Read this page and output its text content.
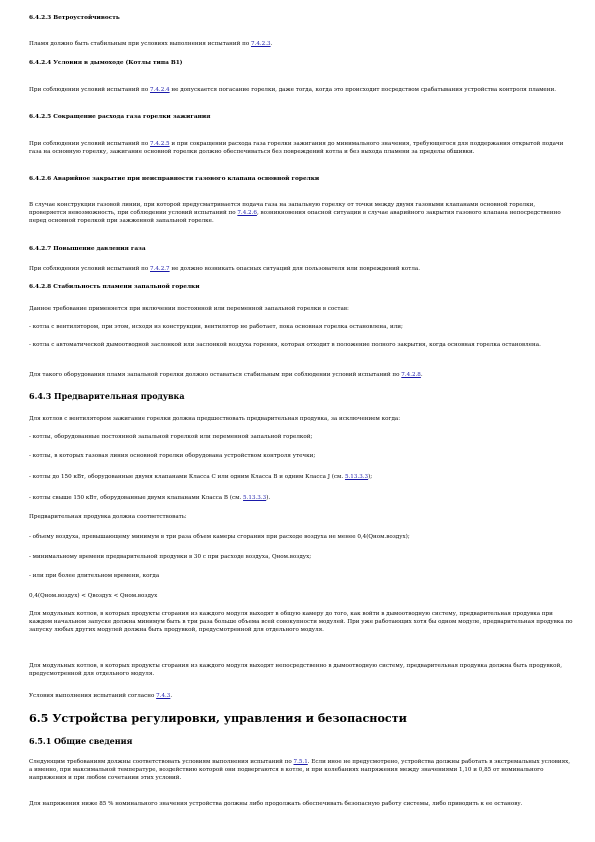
6.4.2.3 Ветроустойчивость

Пламя должно быть стабильным при условиях выполнения испытаний по 7.4.2.3.

6.4.2.4 Условия в дымоходе (Котлы типа B1)

При соблюдении условий испытаний по 7.4.2.4 не допускается погасание горелки, даже тогда, когда это происходит посредством срабатывания устройства контроля пламени.

6.4.2.5 Сокращение расхода газа горелки зажигания

При соблюдении условий испытаний по 7.4.2.5 и при сокращении расхода газа горелки зажигания до минимального значения, требующегося для поддержания открытой подачи газа на основную горелку, зажигание основной горелки должно обеспечиваться без повреждений котла и без выхода пламени за пределы обшивки.

6.4.2.6 Аварийное закрытие при неисправности газового клапана основной горелки

В случае конструкции газовой линии, при которой предусматривается подача газа на запальную горелку от точки между двумя газовыми клапанами основной горелки, проверяется невозможность, при соблюдении условий испытаний по 7.4.2.6, возникновения опасной ситуации в случае аварийного закрытия газового клапана непосредственно перед основной горелкой при зажженной запальной горелке.

6.4.2.7 Повышение давления газа

При соблюдении условий испытаний по 7.4.2.7 не должно возникать опасных ситуаций для пользователя или повреждений котла.

6.4.2.8 Стабильность пламени запальной горелки

Данное требование применяется при включении постоянной или переменной запальной горелки в состав:

- котла с вентилятором, при этом, исходя из конструкции, вентилятор не работает, пока основная горелка остановлена, или;

- котла с автоматической дымоотводной заслонкой или заслонкой воздуха горения, которая отходит в положение полного закрытия, когда основная горелка остановлена.

Для такого оборудования пламя запальной горелки должно оставаться стабильным при соблюдении условий испытаний по 7.4.2.8.

6.4.3 Предварительная продувка

Для котлов с вентилятором зажигание горелки должна предшествовать предварительная продувка, за исключением когда:

- котлы, оборудованные постоянной запальной горелкой или переменной запальной горелкой;

- котлы, в которых газовая линия основной горелки оборудована устройством контроля утечки;

- котлы до 150 кВт, оборудованные двумя клапанами Класса C или одним Класса B и одним Класса J (см. 5.13.3.3);

- котлы свыше 150 кВт, оборудованные двумя клапанами Класса B (см. 5.13.3.3).

Предварительная продувка должна соответствовать:

- объему воздуха, превышающему минимум в три раза объем камеры сгорания при расходе воздуха не менее 0,4(Qном.воздух);

- минимальному времени предварительной продувки в 30 с при расходе воздуха, Qном.воздух;

- или при более длительном времени, когда

0,4(Qном.воздух) < Qвоздух < Qном.воздух

Для модульных котлов, в которых продукты сгорания из каждого модуля выходят в общую камеру до того, как войти в дымоотводную систему, предварительная продувка при каждом начальном запуске должна минимум быть в три раза больше объема всей совокупности модулей. При уже работающих хотя бы одном модуле, предварительная продувка по запуску любых других модулей должна быть продувкой, предусмотренной для отдельного модуля.

Для модульных котлов, в которых продукты сгорания из каждого модуля выходят непосредственно в дымоотводную систему, предварительная продувка должна быть продувкой, предусмотренной для отдельного модуля.

Условия выполнения испытаний согласно 7.4.3.

6.5 Устройства регулировки, управления и безопасности
6.5.1 Общие сведения

Следующим требованиям должны соответствовать условиям выполнения испытаний по 7.5.1. Если иное не предусмотрено, устройства должны работать в экстремальных условиях, а именно, при максимальной температуре, воздействию которой они подвергаются в котле, и при колебаниях напряжения между значениями 1,10 и 0,85 от номинального напряжения и при любом сочетании этих условий.

Для напряжения ниже 85 % номинального значения устройства должны либо продолжать обеспечивать безопасную работу системы, либо приводить к ее останову.
